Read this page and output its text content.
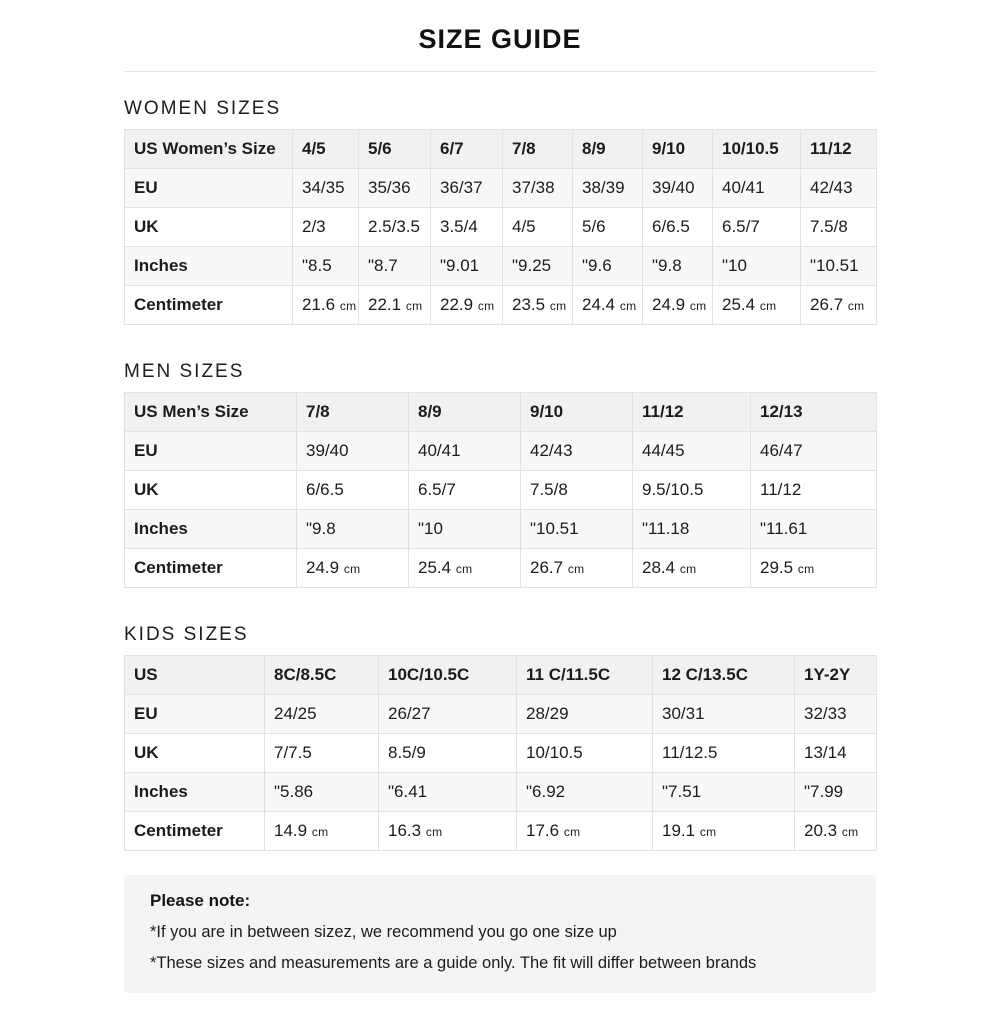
SIZE GUIDE
WOMEN SIZES
US Women’s Size	4/5	5/6	6/7	7/8	8/9	9/10	10/10.5	11/12
EU	34/35	35/36	36/37	37/38	38/39	39/40	40/41	42/43
UK	2/3	2.5/3.5	3.5/4	4/5	5/6	6/6.5	6.5/7	7.5/8
Inches	"8.5	"8.7	"9.01	"9.25	"9.6	"9.8	"10	"10.51
Centimeter	21.6 cm	22.1 cm	22.9 cm	23.5 cm	24.4 cm	24.9 cm	25.4 cm	26.7 cm
MEN SIZES
US Men’s Size	7/8	8/9	9/10	11/12	12/13
EU	39/40	40/41	42/43	44/45	46/47
UK	6/6.5	6.5/7	7.5/8	9.5/10.5	11/12
Inches	"9.8	"10	"10.51	"11.18	"11.61
Centimeter	24.9 cm	25.4 cm	26.7 cm	28.4 cm	29.5 cm
KIDS SIZES
US	8C/8.5C	10C/10.5C	11 C/11.5C	12 C/13.5C	1Y-2Y
EU	24/25	26/27	28/29	30/31	32/33
UK	7/7.5	8.5/9	10/10.5	11/12.5	13/14
Inches	"5.86	"6.41	"6.92	"7.51	"7.99
Centimeter	14.9 cm	16.3 cm	17.6 cm	19.1 cm	20.3 cm

Please note:

*If you are in between sizez, we recommend you go one size up

*These sizes and measurements are a guide only. The fit will differ between brands
